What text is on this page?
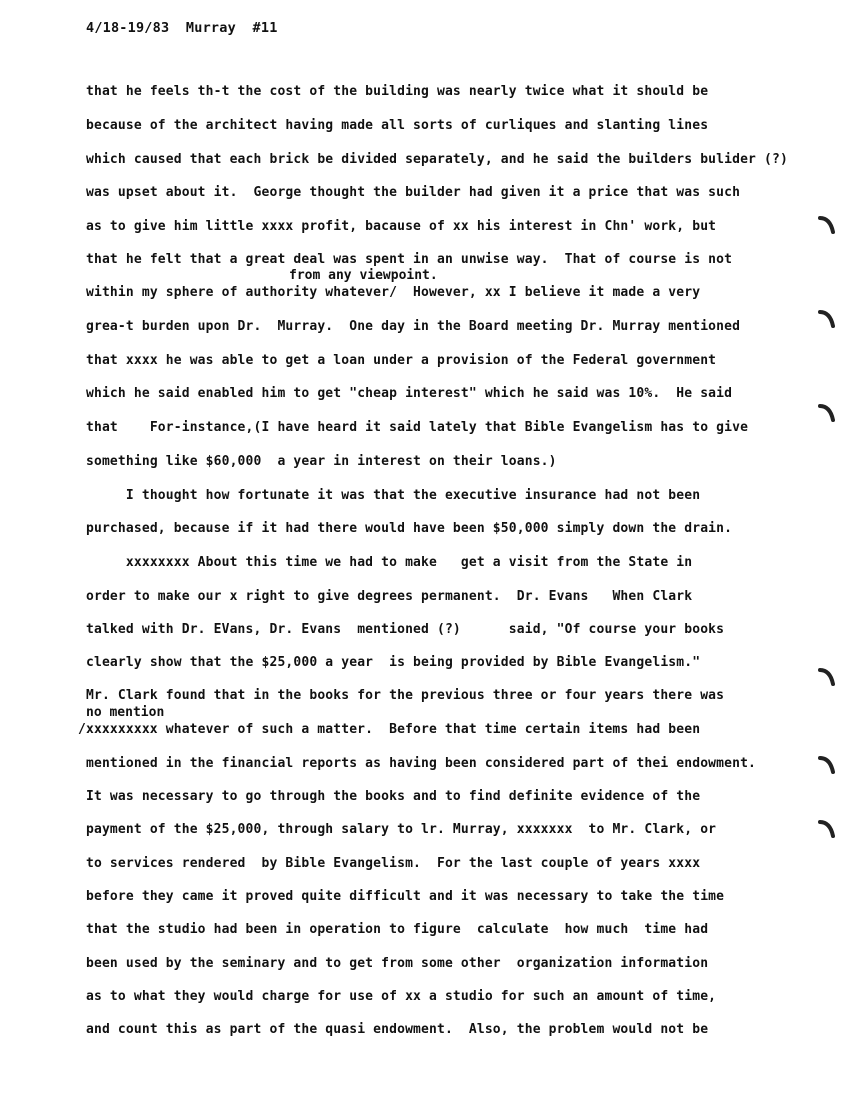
4/18-19/83  Murray  #11
that he feels th-t the cost of the building was nearly twice what it should be
because of the architect having made all sorts of curliques and slanting lines
which caused that each brick be divided separately, and he said the builders bulider (?)
was upset about it.  George thought the builder had given it a price that was such
as to give him little xxxx profit, bacause of xx his interest in Chn' work, but
that he felt that a great deal was spent in an unwise way.  That of course is not
from any viewpoint.
within my sphere of authority whatever/  However, xx I believe it made a very
grea-t burden upon Dr.  Murray.  One day in the Board meeting Dr. Murray mentioned
that xxxx he was able to get a loan under a provision of the Federal government
which he said enabled him to get "cheap interest" which he said was 10%.  He said
that    For-instance,(I have heard it said lately that Bible Evangelism has to give
something like $60,000  a year in interest on their loans.)
I thought how fortunate it was that the executive insurance had not been
purchased, because if it had there would have been $50,000 simply down the drain.
xxxxxxxx About this time we had to make   get a visit from the State in
order to make our x right to give degrees permanent.  Dr. Evans   When Clark
talked with Dr. EVans, Dr. Evans  mentioned (?)      said, "Of course your books
clearly show that the $25,000 a year  is being provided by Bible Evangelism."
Mr. Clark found that in the books for the previous three or four years there was
no mention
/xxxxxxxxx whatever of such a matter.  Before that time certain items had been
mentioned in the financial reports as having been considered part of thei endowment.
It was necessary to go through the books and to find definite evidence of the
payment of the $25,000, through salary to lr. Murray, xxxxxxx  to Mr. Clark, or
to services rendered  by Bible Evangelism.  For the last couple of years xxxx
before they came it proved quite difficult and it was necessary to take the time
that the studio had been in operation to figure  calculate  how much  time had
been used by the seminary and to get from some other  organization information
as to what they would charge for use of xx a studio for such an amount of time,
and count this as part of the quasi endowment.  Also, the problem would not be
